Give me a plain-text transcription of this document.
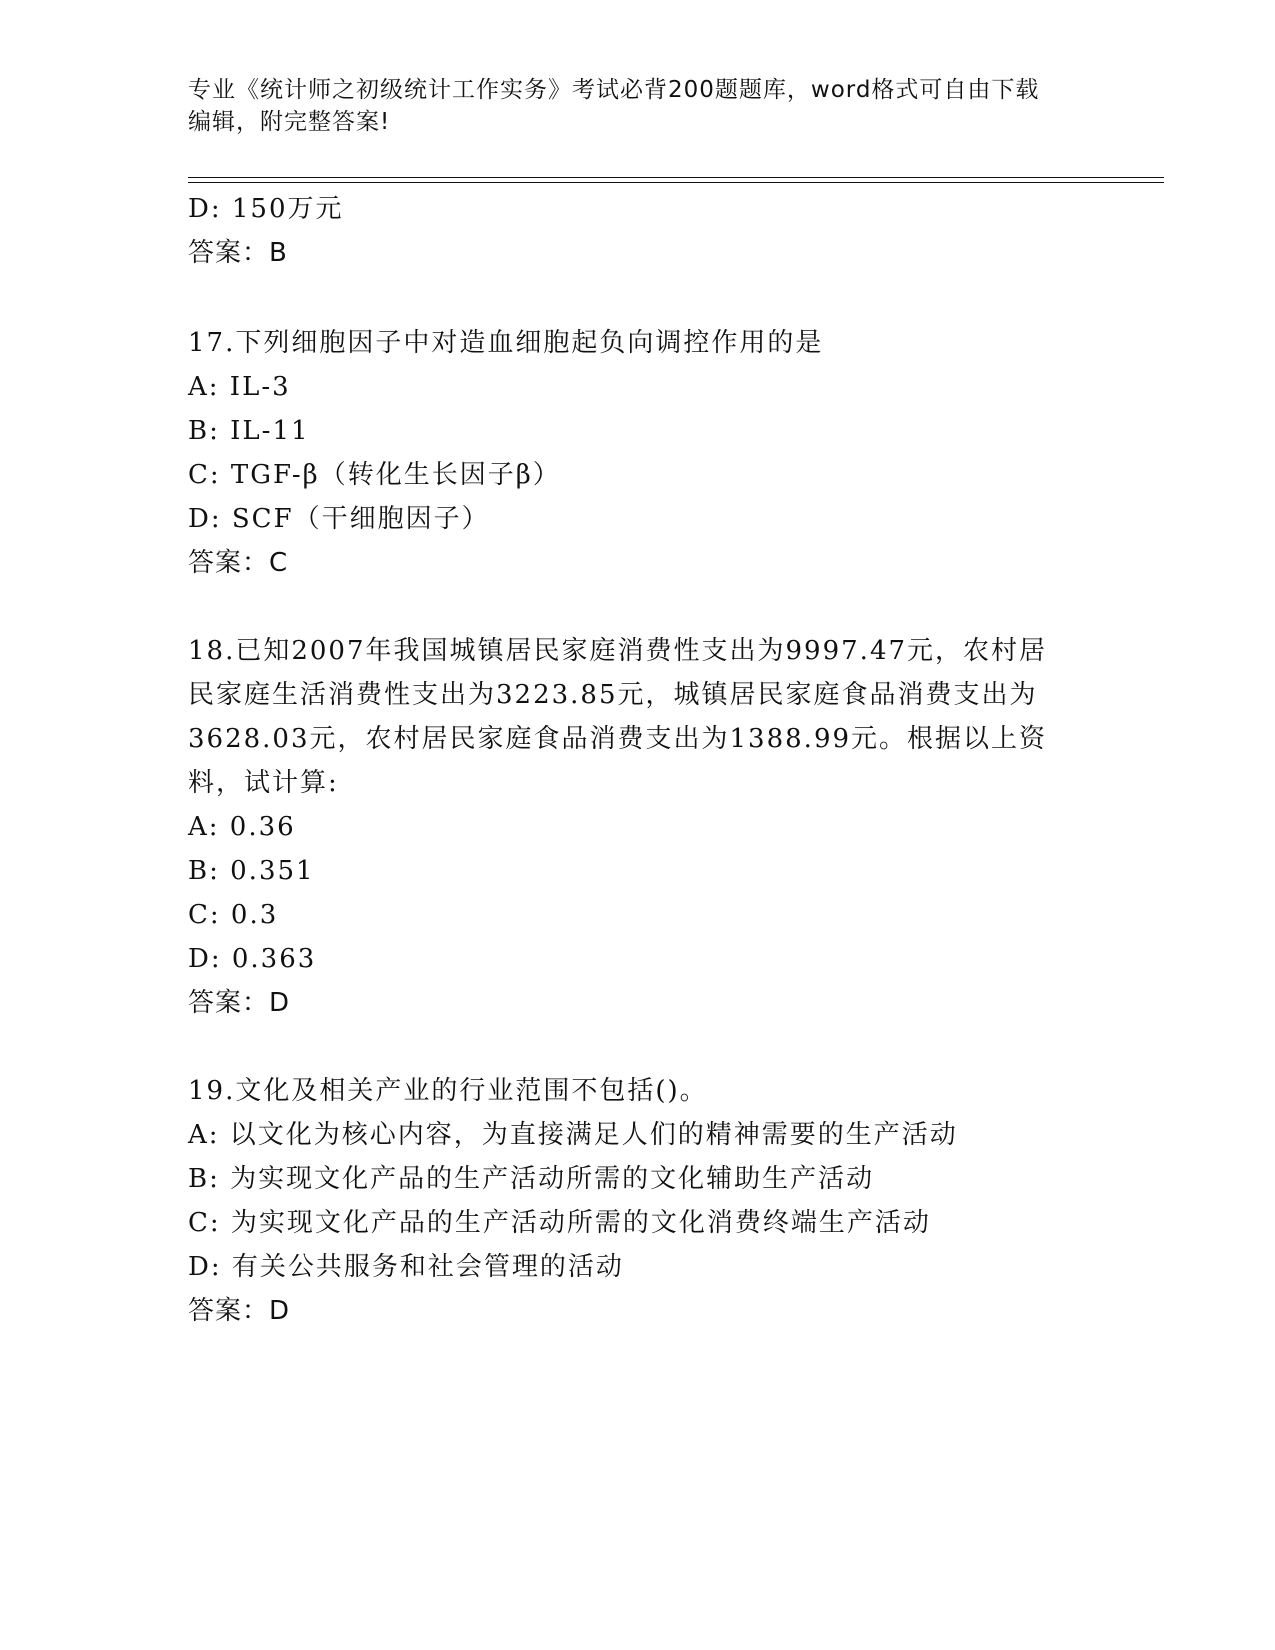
专业《统计师之初级统计工作实务》考试必背200题题库，word格式可自由下载
编辑，附完整答案!
D: 150万元
答案：B
17.下列细胞因子中对造血细胞起负向调控作用的是
A: IL-3
B: IL-11
C: TGF-β（转化生长因子β）
D: SCF（干细胞因子）
答案：C
18.已知2007年我国城镇居民家庭消费性支出为9997.47元，农村居
民家庭生活消费性支出为3223.85元，城镇居民家庭食品消费支出为
3628.03元，农村居民家庭食品消费支出为1388.99元。根据以上资
料，试计算:
A: 0.36
B: 0.351
C: 0.3
D: 0.363
答案：D
19.文化及相关产业的行业范围不包括()。
A: 以文化为核心内容，为直接满足人们的精神需要的生产活动
B: 为实现文化产品的生产活动所需的文化辅助生产活动
C: 为实现文化产品的生产活动所需的文化消费终端生产活动
D: 有关公共服务和社会管理的活动
答案：D
